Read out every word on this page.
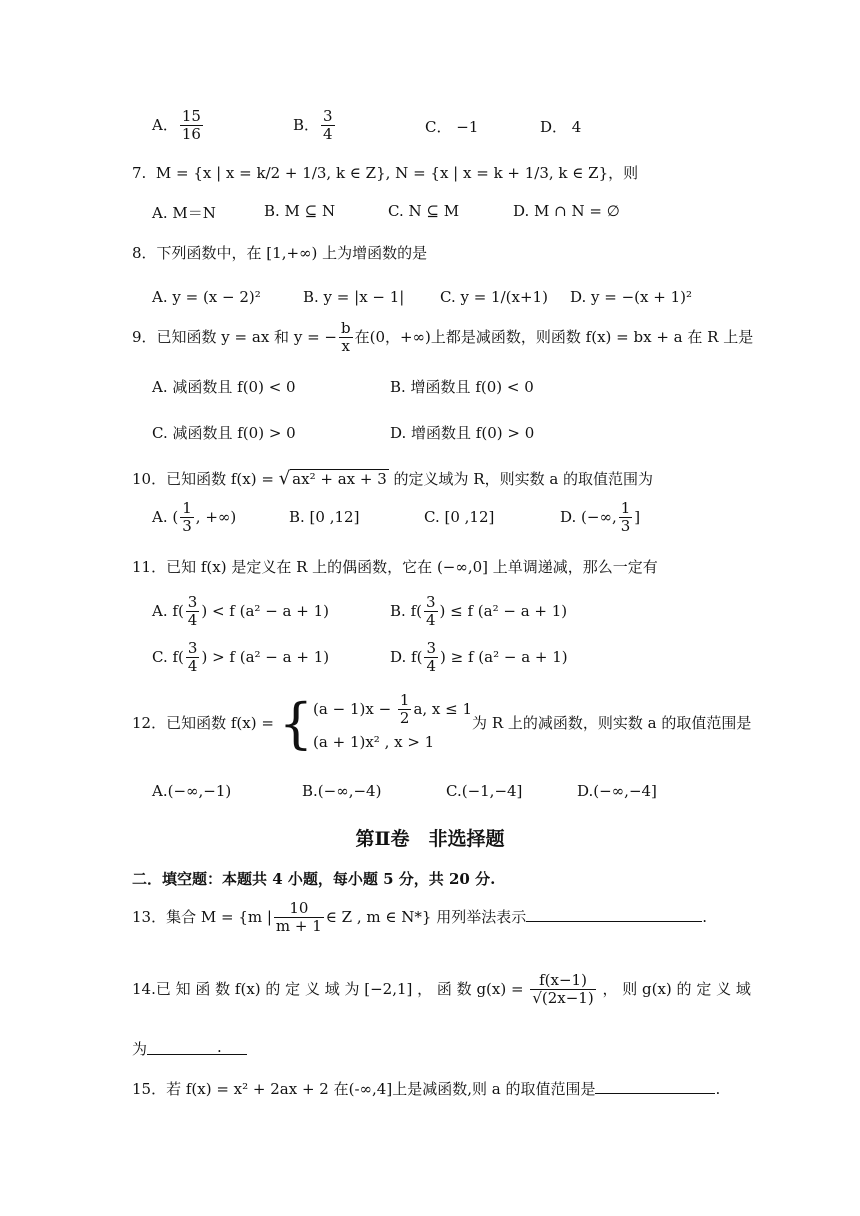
A． $\frac{15}{16}$	B． $\frac{3}{4}$	C． −1	D． 4
7. M = {x | x = k/2 + 1/3, k ∈ Z}, N = {x | x = k + 1/3, k ∈ Z}，则
A. M＝N	B. M ⊆ N	C. N ⊆ M	D. M ∩ N = ∅
8．下列函数中，在 [1,+∞) 上为增函数的是
A. y = (x − 2)²	B. y = |x − 1| C. y = 1/(x+1) D. y = −(x + 1)²
9．已知函数 y = ax 和 y = − $\frac{b}{x}$ 在(0，+∞)上都是减函数，则函数 f(x) = bx + a 在 R 上是
A. 减函数且 f(0) < 0	B. 增函数且 f(0) < 0
C. 减函数且 f(0) > 0	D. 增函数且 f(0) > 0
10．已知函数 f(x) = √ ax² + ax + 3 的定义域为 R，则实数 a 的取值范围为
A. ( $\frac{1}{3}$ , +∞)	B. [0 ,12]	C. [0 ,12]	D. (−∞, $\frac{1}{3}$ ]
11．已知 f(x) 是定义在 R 上的偶函数，它在 (−∞,0] 上单调递减，那么一定有
A. $f( \frac{3}{4}$ ) < f (a² − a + 1)	B. $f( \frac{3}{4}$ ) ≤ f (a² − a + 1)
C. $f( \frac{3}{4}$ ) > f (a² − a + 1)	D. $f( \frac{3}{4}$ ) ≥ f (a² − a + 1)
12．已知函数 f(x) = { $(a - 1)x - \frac{1}{2} a$, x ≤ 1
(a + 1)x² , x > 1
为 R 上的减函数，则实数 a 的取值范围是
A.(−∞,−1)	B.(−∞,−4)	C.(−1,−4]	D.(−∞,−4]
第Ⅱ卷　非选择题
二．填空题：本题共 4 小题，每小题 5 分，共 20 分.
13．集合 M = {m | $\frac{10}{m + 1}$ ∈ Z , m ∈ N*} 用列举法表示	.
14.已 知 函 数 f(x) 的 定 义 域 为 [−2,1] ， 函 数 $g(x) = \frac{f(x-1)}{√(2x-1)}$ ， 则 g(x) 的 定 义 域
为	.
15．若 f(x) = x² + 2ax + 2 在(-∞,4]上是减函数,则 a 的取值范围是	.
